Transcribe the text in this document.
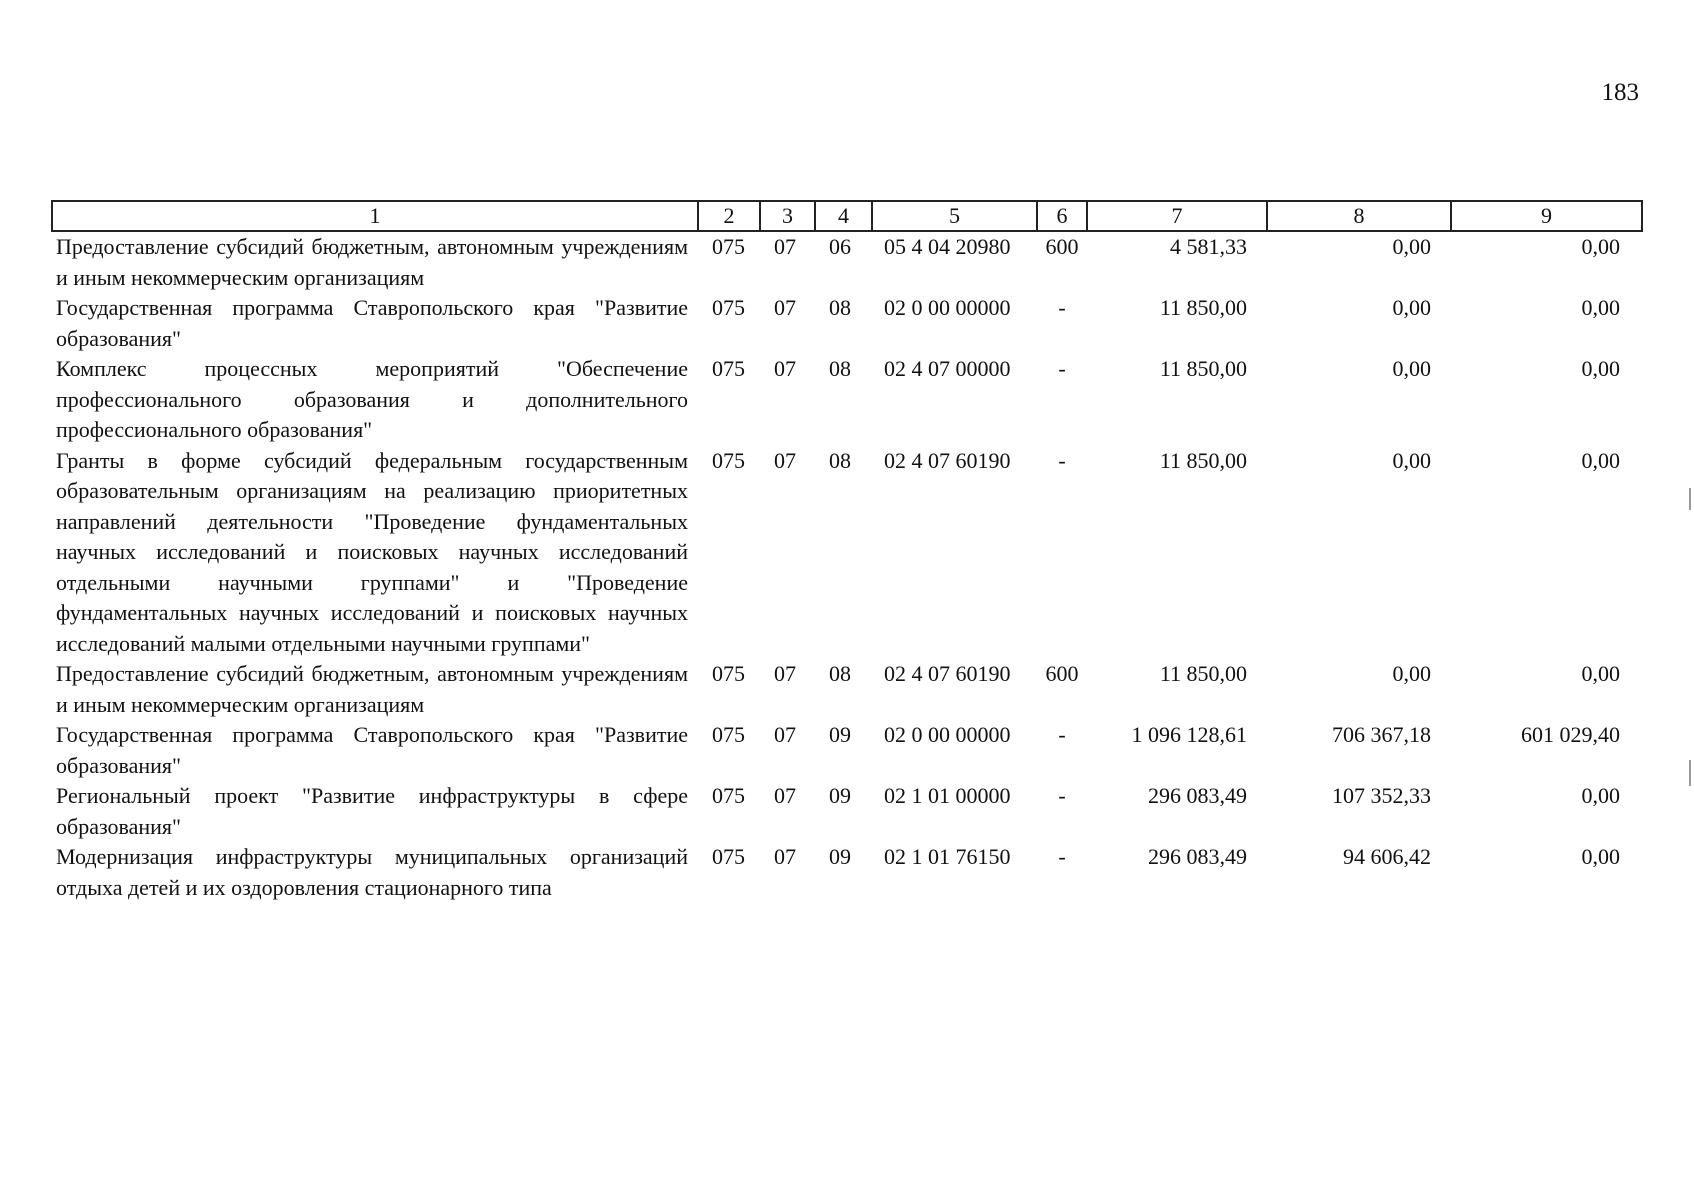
183
1	2	3	4	5	6	7	8	9
Предоставление субсидий бюджетным, автономным учреждениям и иным некоммерческим организациям	075	07	06	05 4 04 20980	600	4 581,33	0,00	0,00
Государственная программа Ставропольского края "Развитие образования"	075	07	08	02 0 00 00000	-	11 850,00	0,00	0,00
Комплекс процессных мероприятий "Обеспечение профессионального образования и дополнительного профессионального образования"	075	07	08	02 4 07 00000	-	11 850,00	0,00	0,00
Гранты в форме субсидий федеральным государственным образовательным организациям на реализацию приоритетных направлений деятельности "Проведение фундаментальных научных исследований и поисковых научных исследований отдельными научными группами" и "Проведение фундаментальных научных исследований и поисковых научных исследований малыми отдельными научными группами"	075	07	08	02 4 07 60190	-	11 850,00	0,00	0,00
Предоставление субсидий бюджетным, автономным учреждениям и иным некоммерческим организациям	075	07	08	02 4 07 60190	600	11 850,00	0,00	0,00
Государственная программа Ставропольского края "Развитие образования"	075	07	09	02 0 00 00000	-	1 096 128,61	706 367,18	601 029,40
Региональный проект "Развитие инфраструктуры в сфере образования"	075	07	09	02 1 01 00000	-	296 083,49	107 352,33	0,00
Модернизация инфраструктуры муниципальных организаций отдыха детей и их оздоровления стационарного типа	075	07	09	02 1 01 76150	-	296 083,49	94 606,42	0,00
